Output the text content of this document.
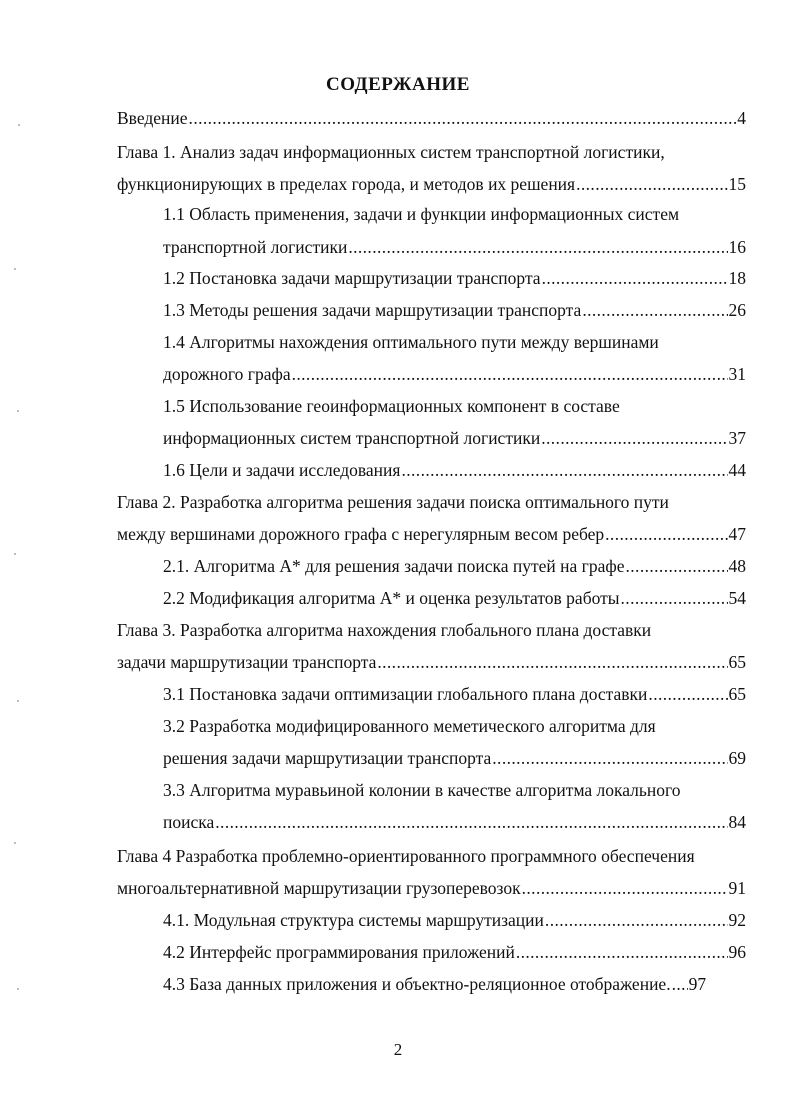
СОДЕРЖАНИЕ
Введение .....	4
Глава 1. Анализ задач информационных систем транспортной логистики,
функционирующих в пределах города, и методов их решения .....	15
1.1 Область применения, задачи и функции информационных систем
транспортной логистики .....	16
1.2 Постановка задачи маршрутизации транспорта .....	18
1.3 Методы решения задачи маршрутизации транспорта .....	26
1.4 Алгоритмы нахождения оптимального пути между вершинами
дорожного графа .....	31
1.5 Использование геоинформационных компонент в составе
информационных систем транспортной логистики .....	37
1.6 Цели и задачи исследования .....	44
Глава 2. Разработка алгоритма решения задачи поиска оптимального пути
между вершинами дорожного графа с нерегулярным весом ребер .....	47
2.1. Алгоритма А* для решения задачи поиска путей на графе .....	48
2.2 Модификация алгоритма А* и оценка результатов работы .....	54
Глава 3. Разработка алгоритма нахождения глобального плана доставки
задачи маршрутизации транспорта .....	65
3.1 Постановка задачи оптимизации глобального плана доставки .....	65
3.2 Разработка модифицированного меметического алгоритма для
решения задачи маршрутизации транспорта .....	69
3.3 Алгоритма муравьиной колонии в качестве алгоритма локального
поиска .....	84
Глава 4 Разработка проблемно-ориентированного программного обеспечения
многоальтернативной маршрутизации грузоперевозок .....	91
4.1. Модульная структура системы маршрутизации .....	92
4.2 Интерфейс программирования приложений .....	96
4.3 База данных приложения и объектно-реляционное отображение. ..... 97
2
